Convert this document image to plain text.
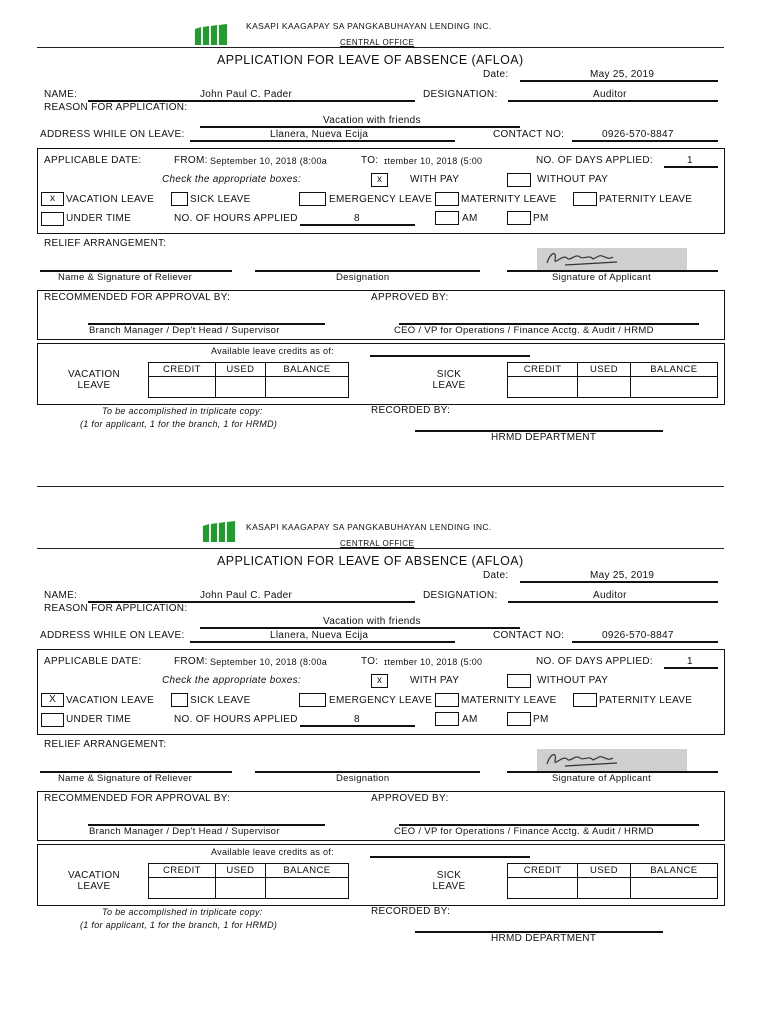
KASAPI KAAGAPAY SA PANGKABUHAYAN LENDING INC.
CENTRAL OFFICE
APPLICATION FOR LEAVE OF ABSENCE (AFLOA)
Date:	May 25, 2019
NAME:	John Paul C. Pader	DESIGNATION:	Auditor
REASON FOR APPLICATION:
Vacation with friends
ADDRESS WHILE ON LEAVE:	Llanera, Nueva Ecija	CONTACT NO:	0926-570-8847
APPLICABLE DATE:	FROM: September 10, 2018 (8:00a	TO: ɪtember 10, 2018 (5:00	NO. OF DAYS APPLIED:	1
Check the appropriate boxes:	x	WITH PAY	WITHOUT PAY
x	VACATION LEAVE	SICK LEAVE	EMERGENCY LEAVE	MATERNITY LEAVE	PATERNITY LEAVE
UNDER TIME	NO. OF HOURS APPLIED	8	AM	PM
RELIEF ARRANGEMENT:
Name & Signature of Reliever	Designation	Signature of Applicant
RECOMMENDED FOR APPROVAL BY:	APPROVED BY:
Branch Manager / Dep't Head / Supervisor	CEO / VP for Operations / Finance Acctg. & Audit / HRMD
Available leave credits as of:
VACATION
LEAVE
CREDIT	USED	BALANCE
			SICK
LEAVE
CREDIT	USED	BALANCE

To be accomplished in triplicate copy:
(1 for applicant, 1 for the branch, 1 for HRMD)
RECORDED BY:
HRMD DEPARTMENT
KASAPI KAAGAPAY SA PANGKABUHAYAN LENDING INC.
CENTRAL OFFICE
APPLICATION FOR LEAVE OF ABSENCE (AFLOA)
Date:	May 25, 2019
NAME:	John Paul C. Pader	DESIGNATION:	Auditor
REASON FOR APPLICATION:
Vacation with friends
ADDRESS WHILE ON LEAVE:	Llanera, Nueva Ecija	CONTACT NO:	0926-570-8847
APPLICABLE DATE:	FROM: September 10, 2018 (8:00a	TO: ɪtember 10, 2018 (5:00	NO. OF DAYS APPLIED:	1
Check the appropriate boxes:	x	WITH PAY	WITHOUT PAY
X	VACATION LEAVE	SICK LEAVE	EMERGENCY LEAVE	MATERNITY LEAVE	PATERNITY LEAVE
UNDER TIME	NO. OF HOURS APPLIED	8	AM	PM
RELIEF ARRANGEMENT:
Name & Signature of Reliever	Designation	Signature of Applicant
RECOMMENDED FOR APPROVAL BY:	APPROVED BY:
Branch Manager / Dep't Head / Supervisor	CEO / VP for Operations / Finance Acctg. & Audit / HRMD
Available leave credits as of:
VACATION
LEAVE
CREDIT	USED	BALANCE
			SICK
LEAVE
CREDIT	USED	BALANCE

To be accomplished in triplicate copy:
(1 for applicant, 1 for the branch, 1 for HRMD)
RECORDED BY:
HRMD DEPARTMENT
